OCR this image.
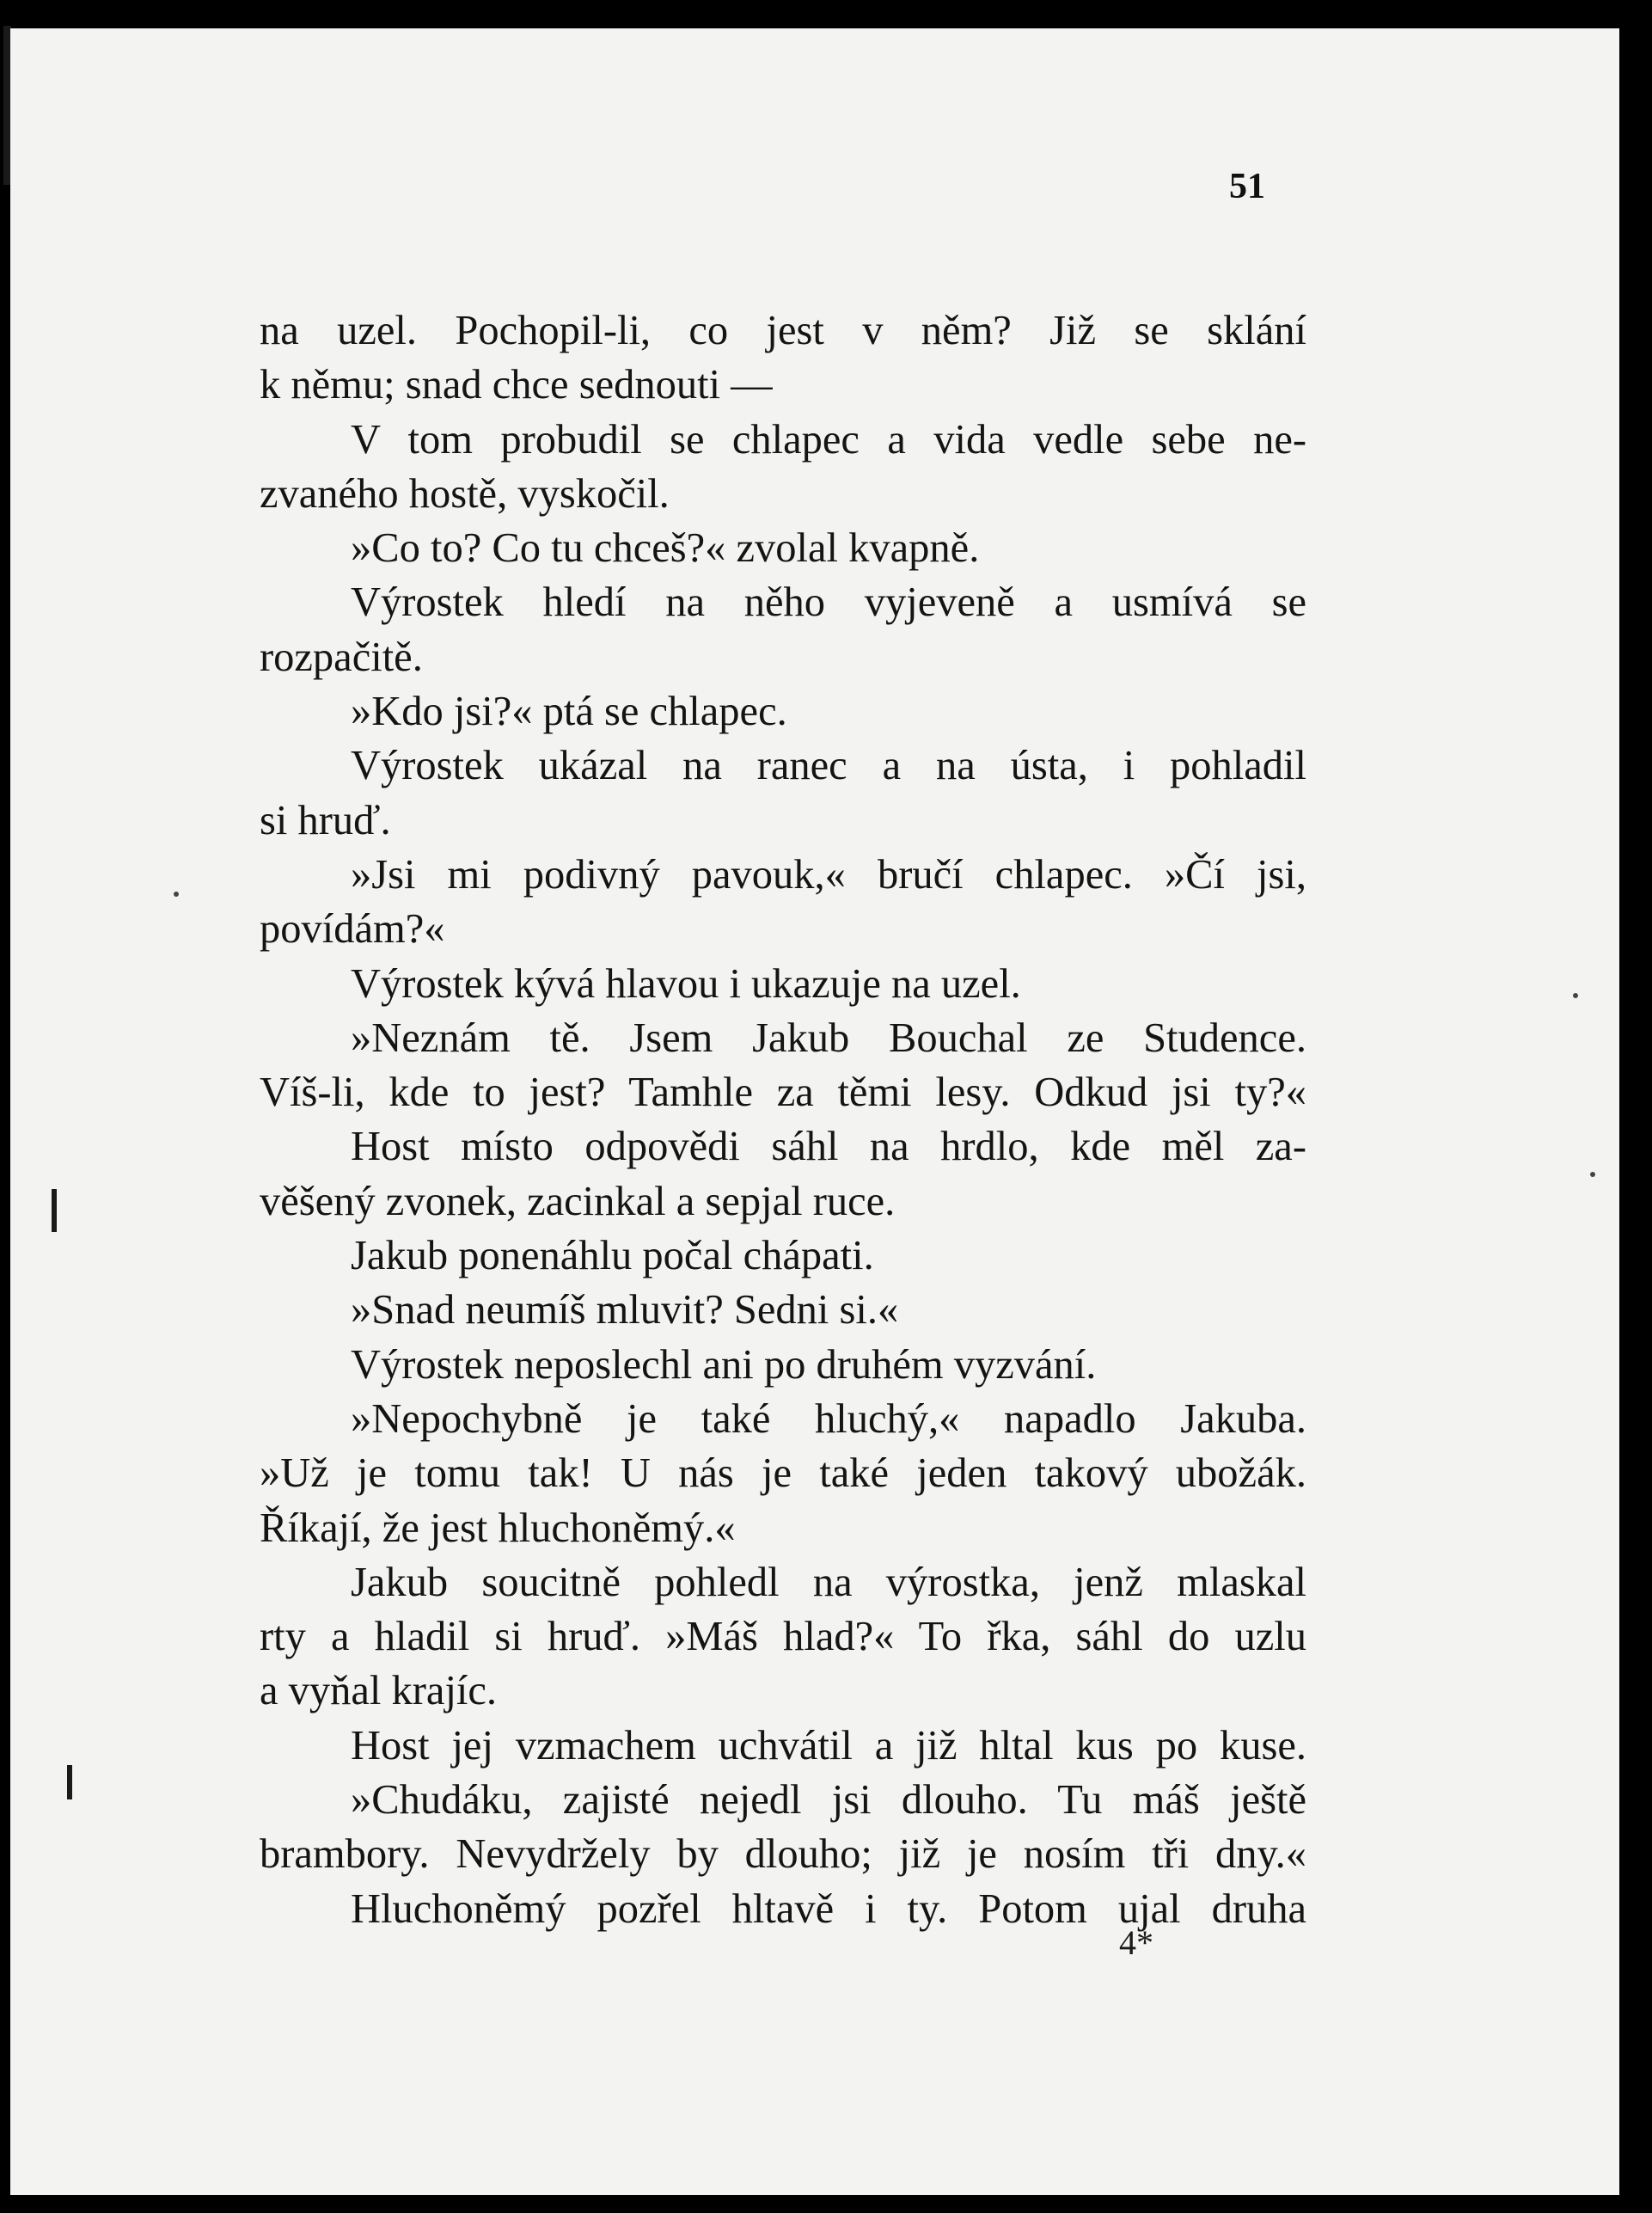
51
na uzel. Pochopil-li, co jest v něm? Již se sklání
k němu; snad chce sednouti —
V tom probudil se chlapec a vida vedle sebe ne-
zvaného hostě, vyskočil.
»Co to? Co tu chceš?« zvolal kvapně.
Výrostek hledí na něho vyjeveně a usmívá se
rozpačitě.
»Kdo jsi?« ptá se chlapec.
Výrostek ukázal na ranec a na ústa, i pohladil
si hruď.
»Jsi mi podivný pavouk,« bručí chlapec. »Čí jsi,
povídám?«
Výrostek kývá hlavou i ukazuje na uzel.
»Neznám tě. Jsem Jakub Bouchal ze Studence.
Víš-li, kde to jest? Tamhle za těmi lesy. Odkud jsi ty?«
Host místo odpovědi sáhl na hrdlo, kde měl za-
věšený zvonek, zacinkal a sepjal ruce.
Jakub ponenáhlu počal chápati.
»Snad neumíš mluvit? Sedni si.«
Výrostek neposlechl ani po druhém vyzvání.
»Nepochybně je také hluchý,« napadlo Jakuba.
»Už je tomu tak! U nás je také jeden takový ubožák.
Říkají, že jest hluchoněmý.«
Jakub soucitně pohledl na výrostka, jenž mlaskal
rty a hladil si hruď. »Máš hlad?« To řka, sáhl do uzlu
a vyňal krajíc.
Host jej vzmachem uchvátil a již hltal kus po kuse.
»Chudáku, zajisté nejedl jsi dlouho. Tu máš ještě
brambory. Nevydržely by dlouho; již je nosím tři dny.«
Hluchoněmý pozřel hltavě i ty. Potom ujal druha
4*
